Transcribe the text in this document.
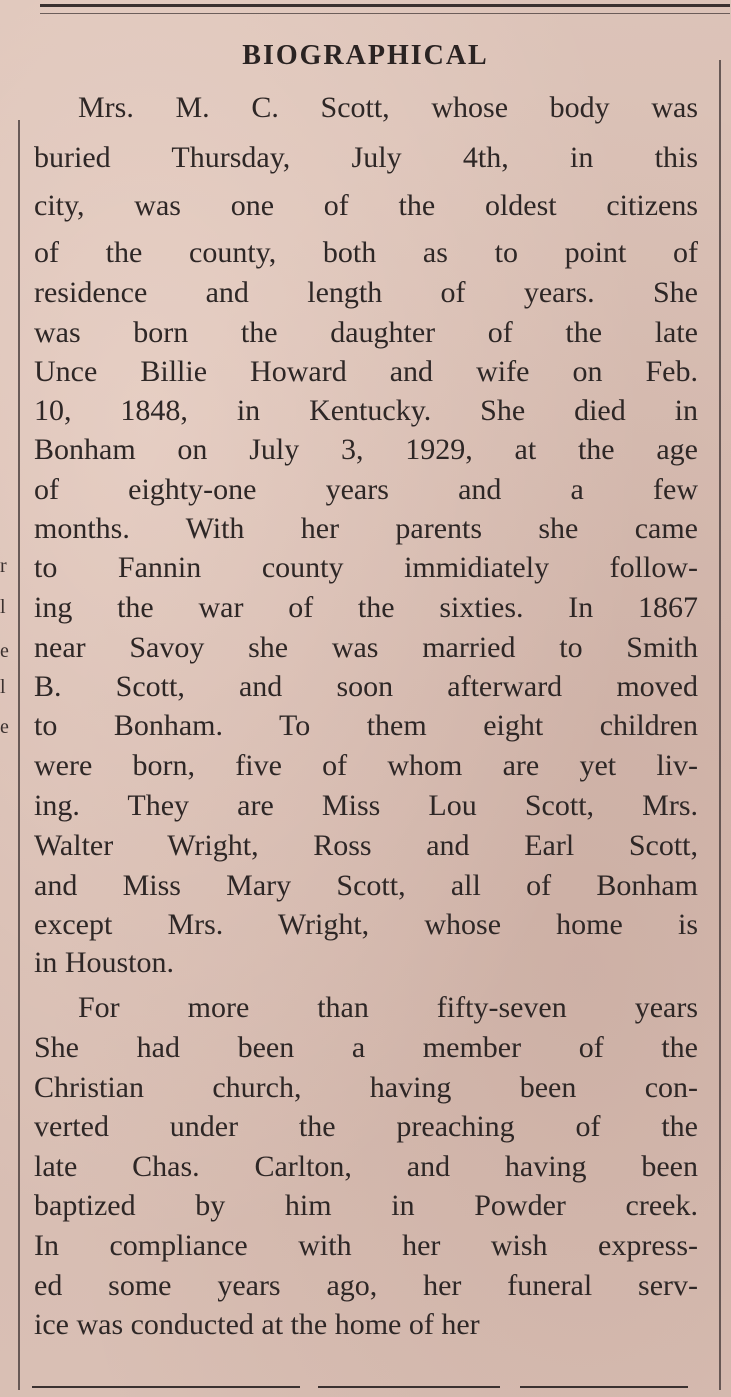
BIOGRAPHICAL
Mrs. M. C. Scott, whose body was
buried Thursday, July 4th, in this
city, was one of the oldest citizens
of the county, both as to point of
residence and length of years. She
was born the daughter of the late
Unce Billie Howard and wife on Feb.
10, 1848, in Kentucky. She died in
Bonham on July 3, 1929, at the age
of eighty-one years and a few
months. With her parents she came
to Fannin county immidiately follow-
ing the war of the sixties. In 1867
near Savoy she was married to Smith
B. Scott, and soon afterward moved
to Bonham. To them eight children
were born, five of whom are yet liv-
ing. They are Miss Lou Scott, Mrs.
Walter Wright, Ross and Earl Scott,
and Miss Mary Scott, all of Bonham
except Mrs. Wright, whose home is
in Houston.
For more than fifty-seven years
She had been a member of the
Christian church, having been con-
verted under the preaching of the
late Chas. Carlton, and having been
baptized by him in Powder creek.
In compliance with her wish express-
ed some years ago, her funeral serv-
ice was conducted at the home of her
r
l
e
l
e
